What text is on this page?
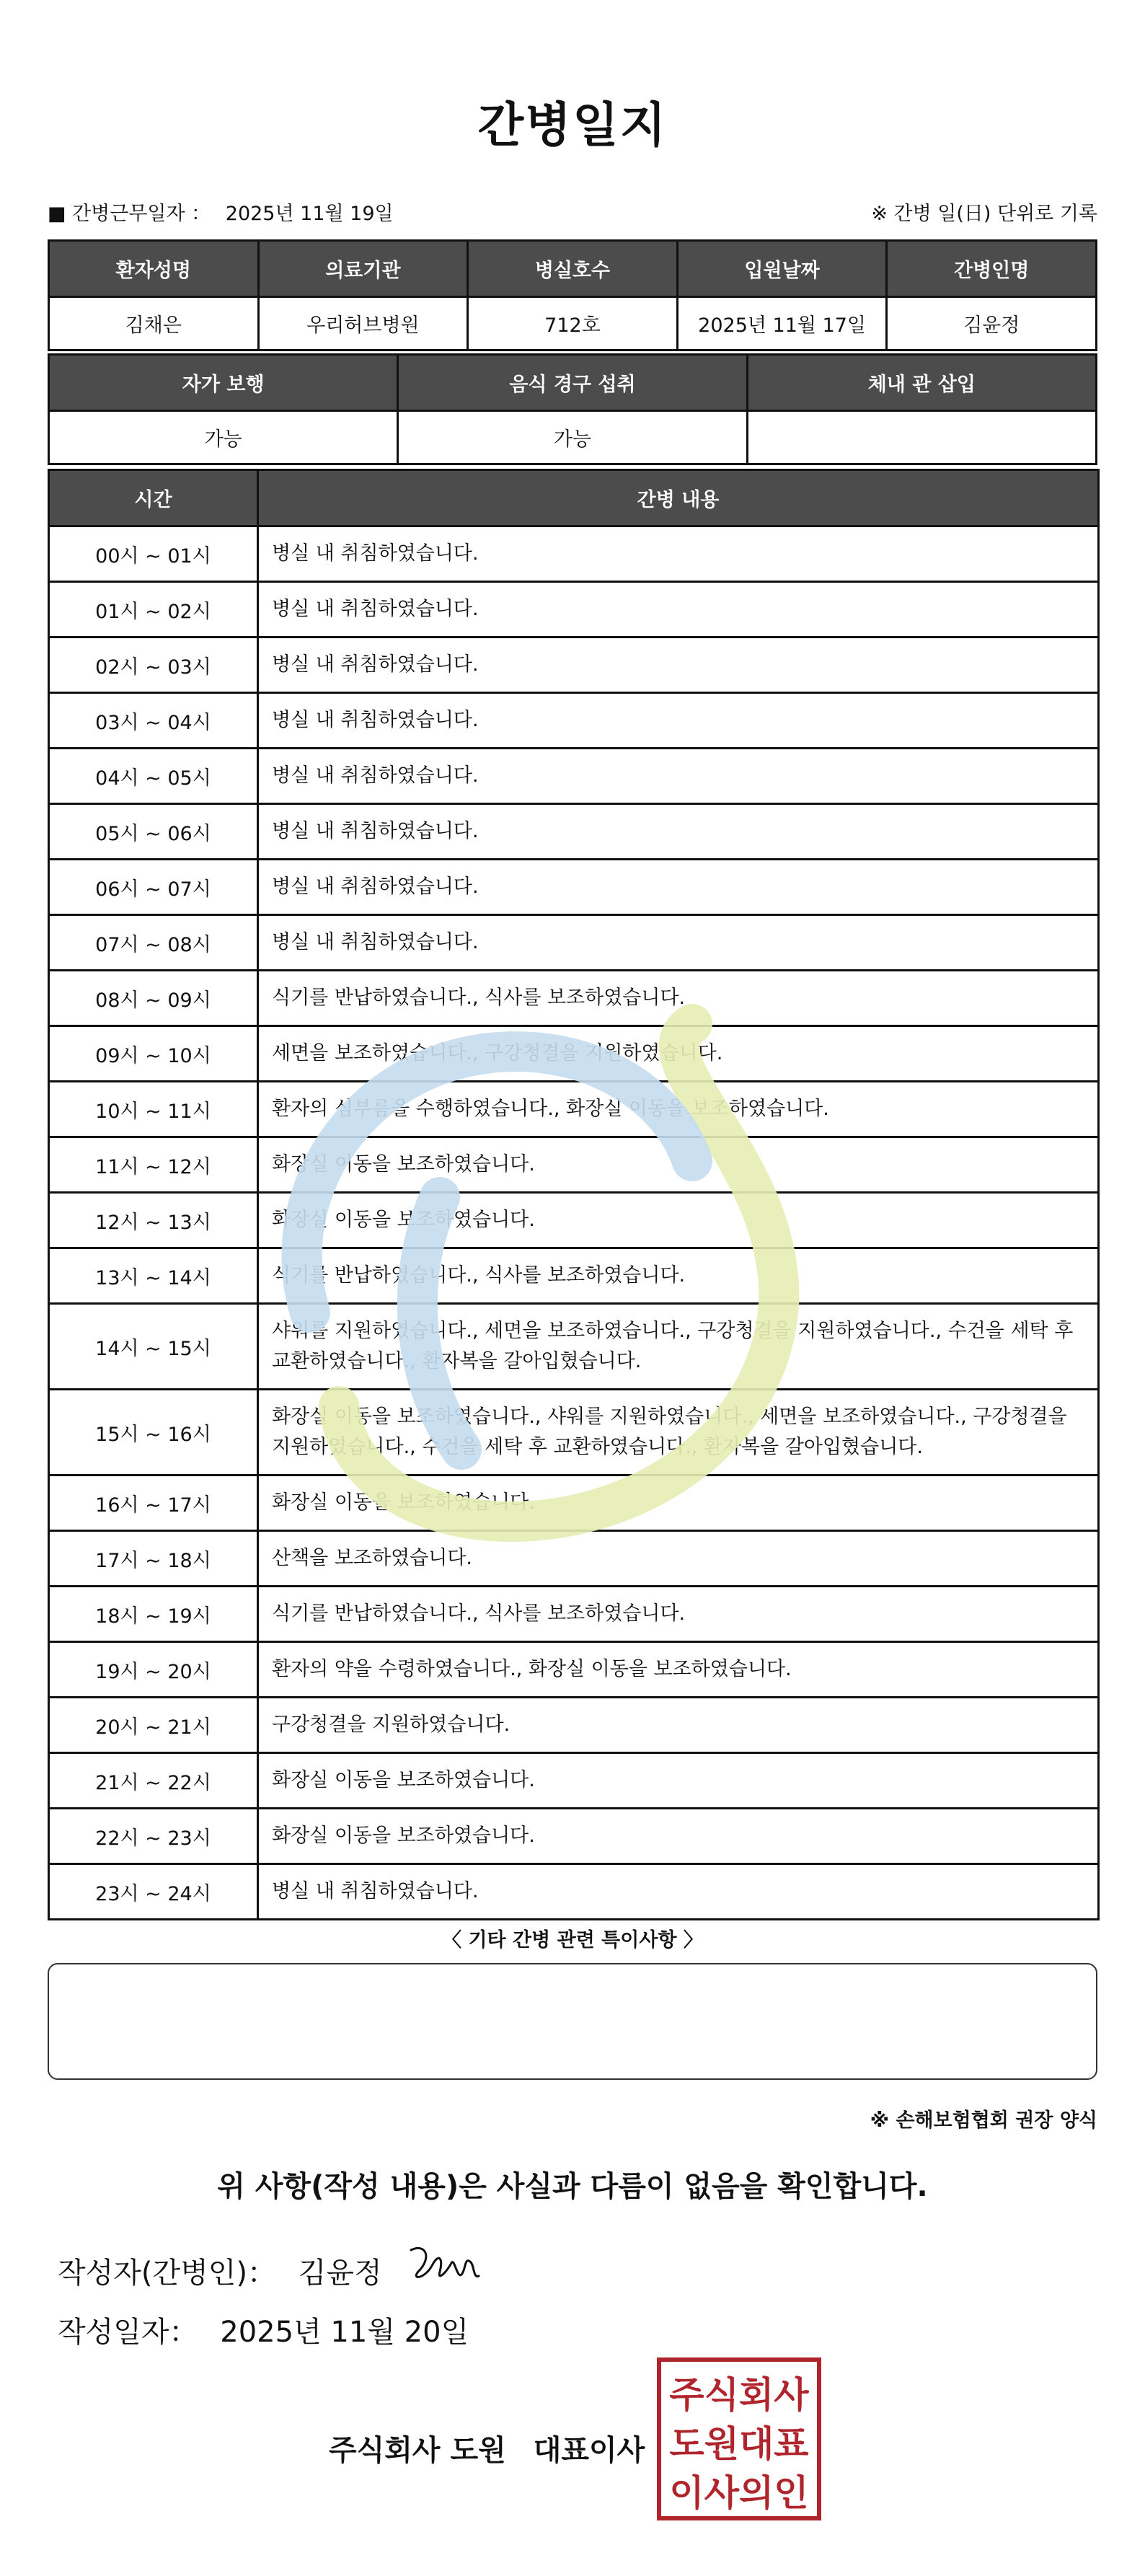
간병일지
■ 간병근무일자 ： 2025년 11월 19일	※ 간병 일(日) 단위로 기록
환자성명	의료기관	병실호수	입원날짜	간병인명
김채은	우리허브병원	712호	2025년 11월 17일	김윤정
자가 보행	음식 경구 섭취	체내 관 삽입
가능	가능	
시간	간병 내용
00시 ~ 01시	병실 내 취침하였습니다.
01시 ~ 02시	병실 내 취침하였습니다.
02시 ~ 03시	병실 내 취침하였습니다.
03시 ~ 04시	병실 내 취침하였습니다.
04시 ~ 05시	병실 내 취침하였습니다.
05시 ~ 06시	병실 내 취침하였습니다.
06시 ~ 07시	병실 내 취침하였습니다.
07시 ~ 08시	병실 내 취침하였습니다.
08시 ~ 09시	식기를 반납하였습니다., 식사를 보조하였습니다.
09시 ~ 10시	세면을 보조하였습니다., 구강청결을 지원하였습니다.
10시 ~ 11시	환자의 심부름을 수행하였습니다., 화장실 이동을 보조하였습니다.
11시 ~ 12시	화장실 이동을 보조하였습니다.
12시 ~ 13시	화장실 이동을 보조하였습니다.
13시 ~ 14시	식기를 반납하였습니다., 식사를 보조하였습니다.
14시 ~ 15시	샤워를 지원하였습니다., 세면을 보조하였습니다., 구강청결을 지원하였습니다., 수건을 세탁 후 교환하였습니다., 환자복을 갈아입혔습니다.
15시 ~ 16시	화장실 이동을 보조하였습니다., 샤워를 지원하였습니다., 세면을 보조하였습니다., 구강청결을 지원하였습니다., 수건을 세탁 후 교환하였습니다., 환자복을 갈아입혔습니다.
16시 ~ 17시	화장실 이동을 보조하였습니다.
17시 ~ 18시	산책을 보조하였습니다.
18시 ~ 19시	식기를 반납하였습니다., 식사를 보조하였습니다.
19시 ~ 20시	환자의 약을 수령하였습니다., 화장실 이동을 보조하였습니다.
20시 ~ 21시	구강청결을 지원하였습니다.
21시 ~ 22시	화장실 이동을 보조하였습니다.
22시 ~ 23시	화장실 이동을 보조하였습니다.
23시 ~ 24시	병실 내 취침하였습니다.
〈 기타 간병 관련 특이사항 〉
※ 손해보험협회 권장 양식
위 사항(작성 내용)은 사실과 다름이 없음을 확인합니다.
작성자(간병인)： 김윤정
작성일자： 2025년 11월 20일
주식회사 도원 대표이사
주식회사
도원대표
이사의인
